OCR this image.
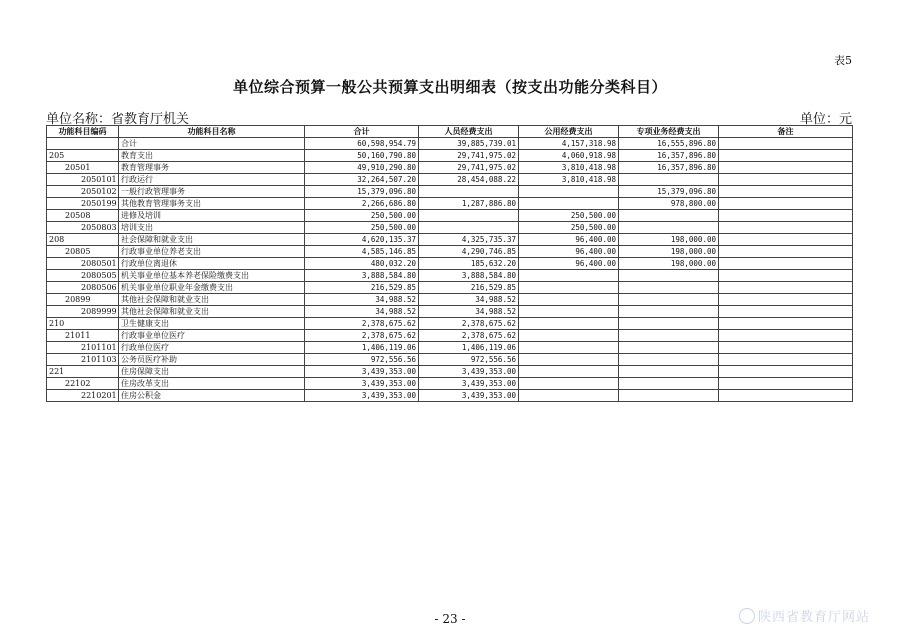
表5
单位综合预算一般公共预算支出明细表（按支出功能分类科目）
单位名称：省教育厅机关	单位：元
功能科目编码	功能科目名称	合计	人员经费支出	公用经费支出	专项业务经费支出	备注
	合计	60,598,954.79	39,885,739.01	4,157,318.98	16,555,896.80	
205	教育支出	50,160,790.80	29,741,975.02	4,060,918.98	16,357,896.80	
20501	教育管理事务	49,910,290.80	29,741,975.02	3,810,418.98	16,357,896.80	
2050101	行政运行	32,264,507.20	28,454,088.22	3,810,418.98		
2050102	一般行政管理事务	15,379,096.80			15,379,096.80	
2050199	其他教育管理事务支出	2,266,686.80	1,287,886.80		978,800.00	
20508	进修及培训	250,500.00		250,500.00		
2050803	培训支出	250,500.00		250,500.00		
208	社会保障和就业支出	4,620,135.37	4,325,735.37	96,400.00	198,000.00	
20805	行政事业单位养老支出	4,585,146.85	4,290,746.85	96,400.00	198,000.00	
2080501	行政单位离退休	480,032.20	185,632.20	96,400.00	198,000.00	
2080505	机关事业单位基本养老保险缴费支出	3,888,584.80	3,888,584.80			
2080506	机关事业单位职业年金缴费支出	216,529.85	216,529.85			
20899	其他社会保障和就业支出	34,988.52	34,988.52			
2089999	其他社会保障和就业支出	34,988.52	34,988.52			
210	卫生健康支出	2,378,675.62	2,378,675.62			
21011	行政事业单位医疗	2,378,675.62	2,378,675.62			
2101101	行政单位医疗	1,406,119.06	1,406,119.06			
2101103	公务员医疗补助	972,556.56	972,556.56			
221	住房保障支出	3,439,353.00	3,439,353.00			
22102	住房改革支出	3,439,353.00	3,439,353.00			
2210201	住房公积金	3,439,353.00	3,439,353.00			
- 23 -	陕西省教育厅网站
